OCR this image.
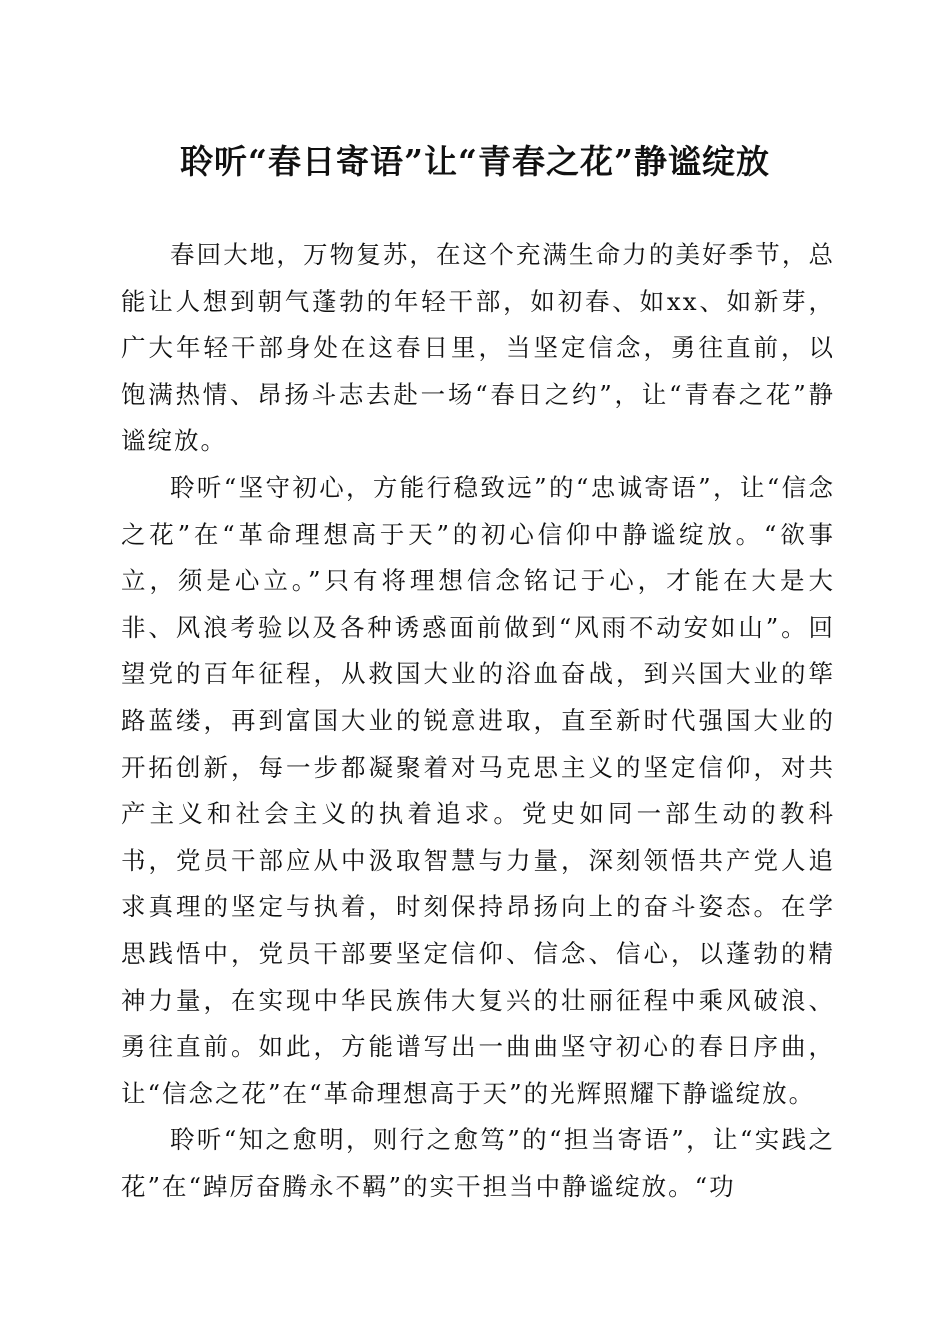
聆听“春日寄语”让“青春之花”静谧绽放

春回大地，万物复苏，在这个充满生命力的美好季节，总能让人想到朝气蓬勃的年轻干部，如初春、如xx、如新芽，广大年轻干部身处在这春日里，当坚定信念，勇往直前，以饱满热情、昂扬斗志去赴一场“春日之约”，让“青春之花”静谧绽放。

聆听“坚守初心，方能行稳致远”的“忠诚寄语”，让“信念之花”在“革命理想高于天”的初心信仰中静谧绽放。“欲事立，须是心立。”只有将理想信念铭记于心，才能在大是大非、风浪考验以及各种诱惑面前做到“风雨不动安如山”。回望党的百年征程，从救国大业的浴血奋战，到兴国大业的筚路蓝缕，再到富国大业的锐意进取，直至新时代强国大业的开拓创新，每一步都凝聚着对马克思主义的坚定信仰，对共产主义和社会主义的执着追求。党史如同一部生动的教科书，党员干部应从中汲取智慧与力量，深刻领悟共产党人追求真理的坚定与执着，时刻保持昂扬向上的奋斗姿态。在学思践悟中，党员干部要坚定信仰、信念、信心，以蓬勃的精神力量，在实现中华民族伟大复兴的壮丽征程中乘风破浪、勇往直前。如此，方能谱写出一曲曲坚守初心的春日序曲，让“信念之花”在“革命理想高于天”的光辉照耀下静谧绽放。

聆听“知之愈明，则行之愈笃”的“担当寄语”，让“实践之花”在“踔厉奋腾永不羁”的实干担当中静谧绽放。“功
